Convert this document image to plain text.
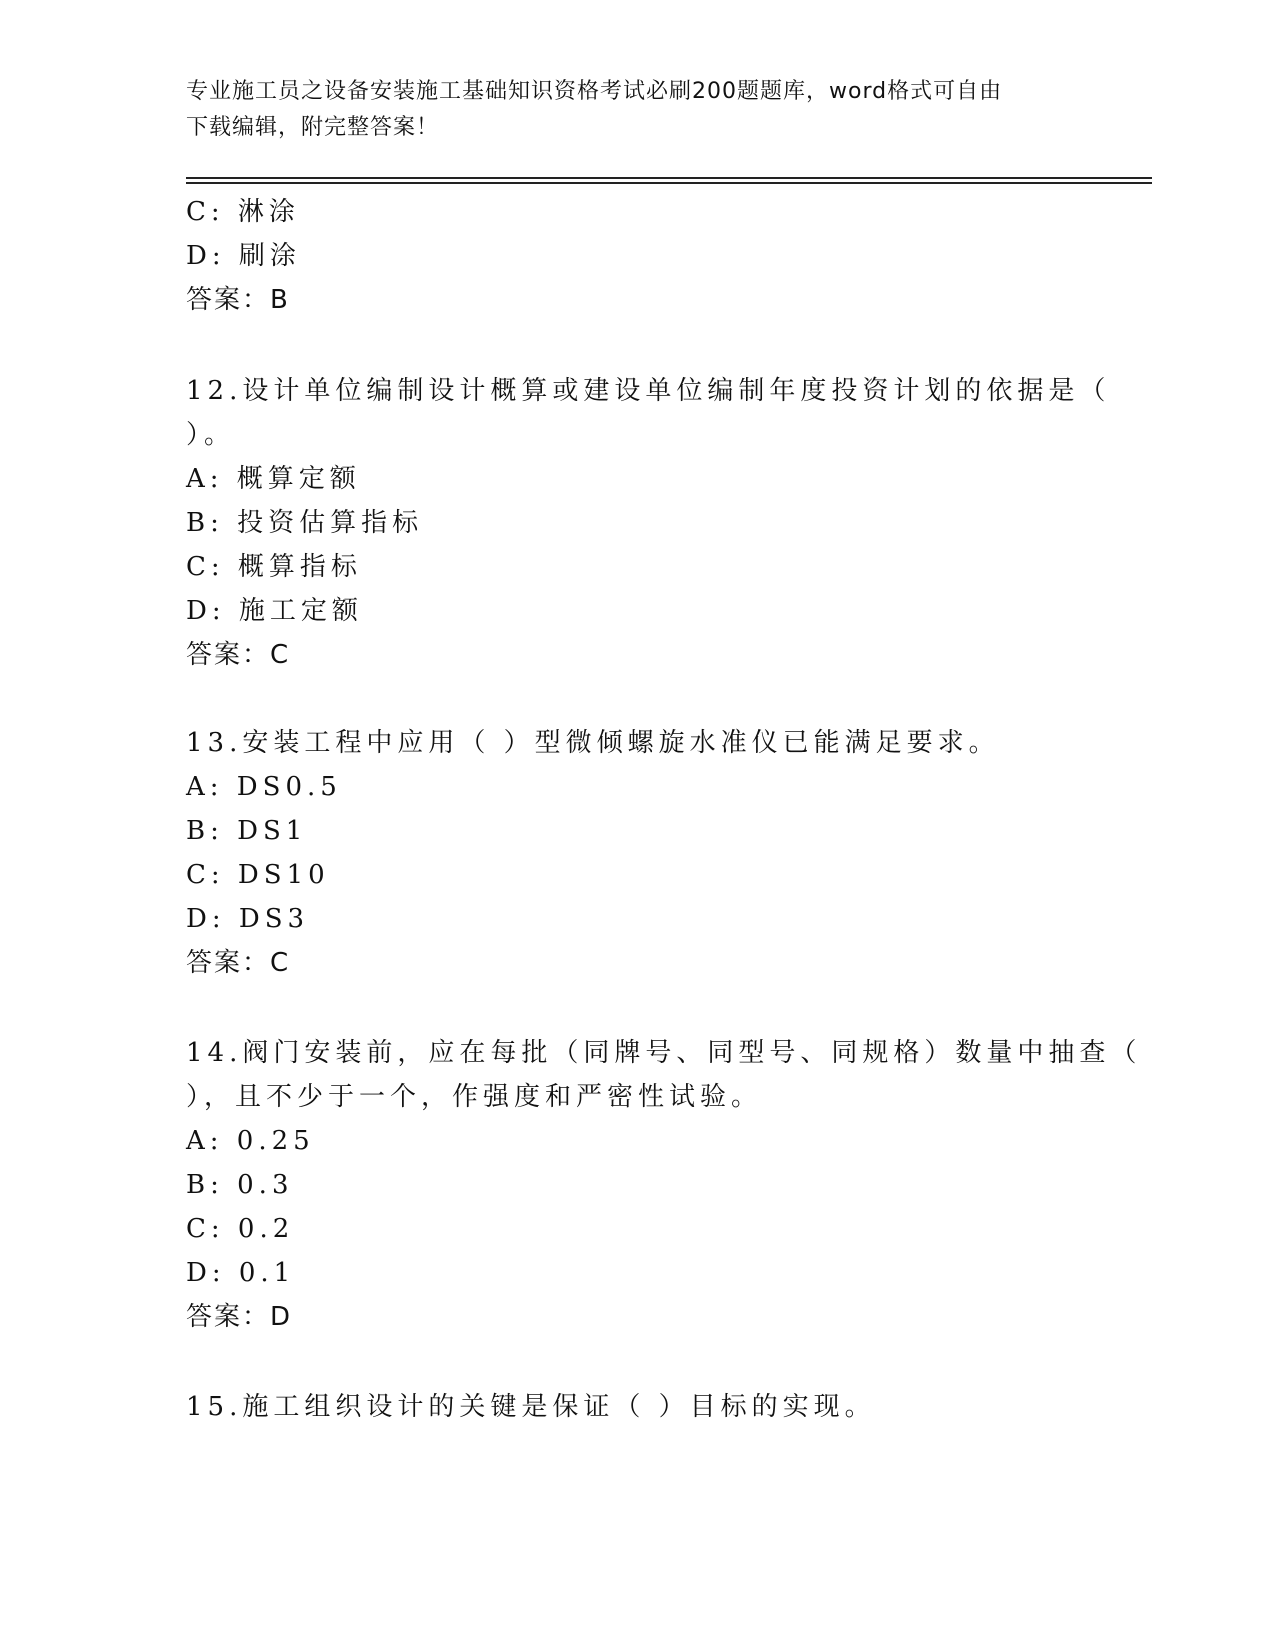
专业施工员之设备安装施工基础知识资格考试必刷200题题库，word格式可自由
下载编辑，附完整答案！

C: 淋涂
D: 刷涂
答案：B
12.设计单位编制设计概算或建设单位编制年度投资计划的依据是（
）。
A: 概算定额
B: 投资估算指标
C: 概算指标
D: 施工定额
答案：C
13.安装工程中应用（ ）型微倾螺旋水准仪已能满足要求。
A: DS0.5
B: DS1
C: DS10
D: DS3
答案：C
14.阀门安装前，应在每批（同牌号、同型号、同规格）数量中抽查（
），且不少于一个，作强度和严密性试验。
A: 0.25
B: 0.3
C: 0.2
D: 0.1
答案：D
15.施工组织设计的关键是保证（ ）目标的实现。
